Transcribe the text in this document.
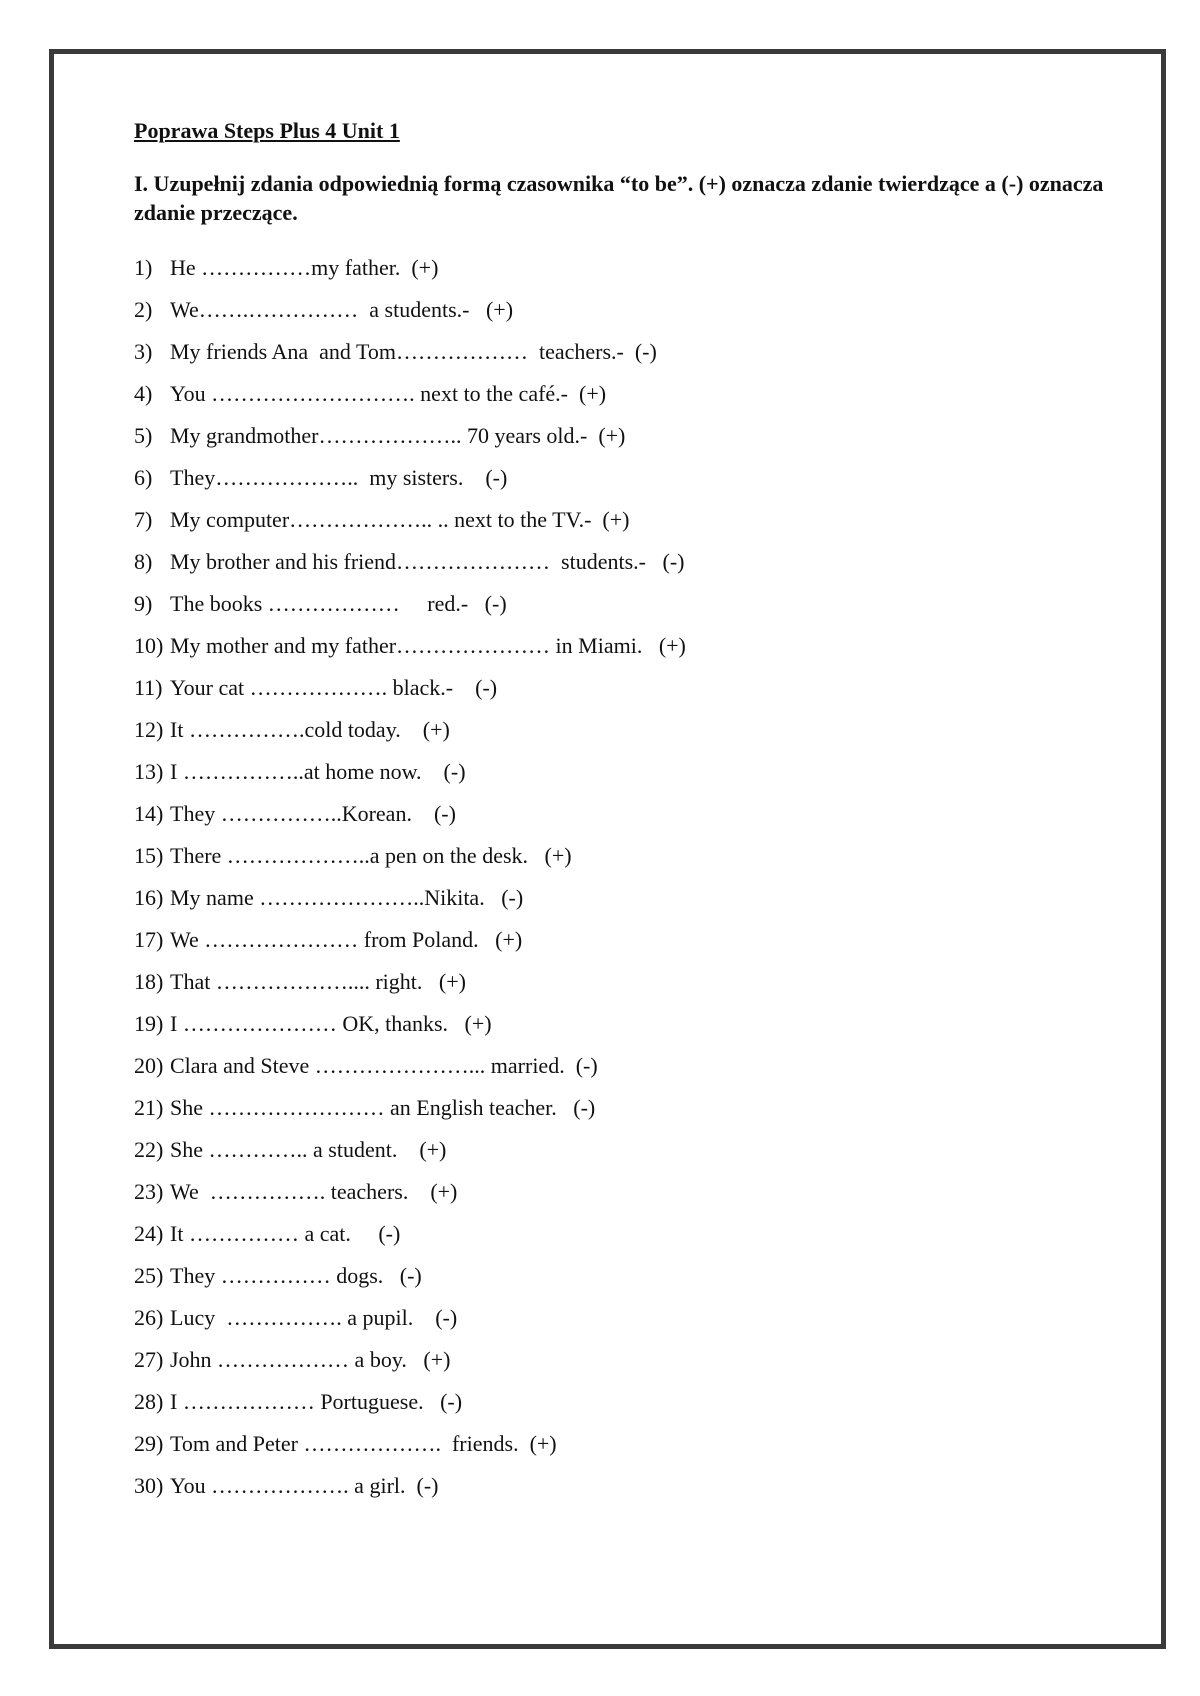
Poprawa Steps Plus 4 Unit 1

I. Uzupełnij zdania odpowiednią formą czasownika “to be”. (+) oznacza zdanie twierdzące a (-) oznacza zdanie przeczące.

1) He ……………my father.  (+)
2) We…….……………  a students.-   (+)
3) My friends Ana  and Tom………………  teachers.-  (-)
4) You ………………………. next to the café.-  (+)
5) My grandmother……………….. 70 years old.-  (+)
6) They………………..  my sisters.    (-)
7) My computer……………….. .. next to the TV.-  (+)
8) My brother and his friend…………………  students.-   (-)
9) The books ………………     red.-   (-)
10) My mother and my father………………… in Miami.   (+)
11) Your cat ………………. black.-    (-)
12) It …………….cold today.    (+)
13) I ……………..at home now.    (-)
14) They ……………..Korean.    (-)
15) There ………………..a pen on the desk.   (+)
16) My name …………………..Nikita.   (-)
17) We ………………… from Poland.   (+)
18) That ……………….... right.   (+)
19) I ………………… OK, thanks.   (+)
20) Clara and Steve …………………... married.  (-)
21) She …………………… an English teacher.   (-)
22) She ………….. a student.    (+)
23) We  ……………. teachers.    (+)
24) It …………… a cat.     (-)
25) They …………… dogs.   (-)
26) Lucy  ……………. a pupil.    (-)
27) John ……………… a boy.   (+)
28) I ……………… Portuguese.   (-)
29) Tom and Peter ……………….  friends.  (+)
30) You ………………. a girl.  (-)
